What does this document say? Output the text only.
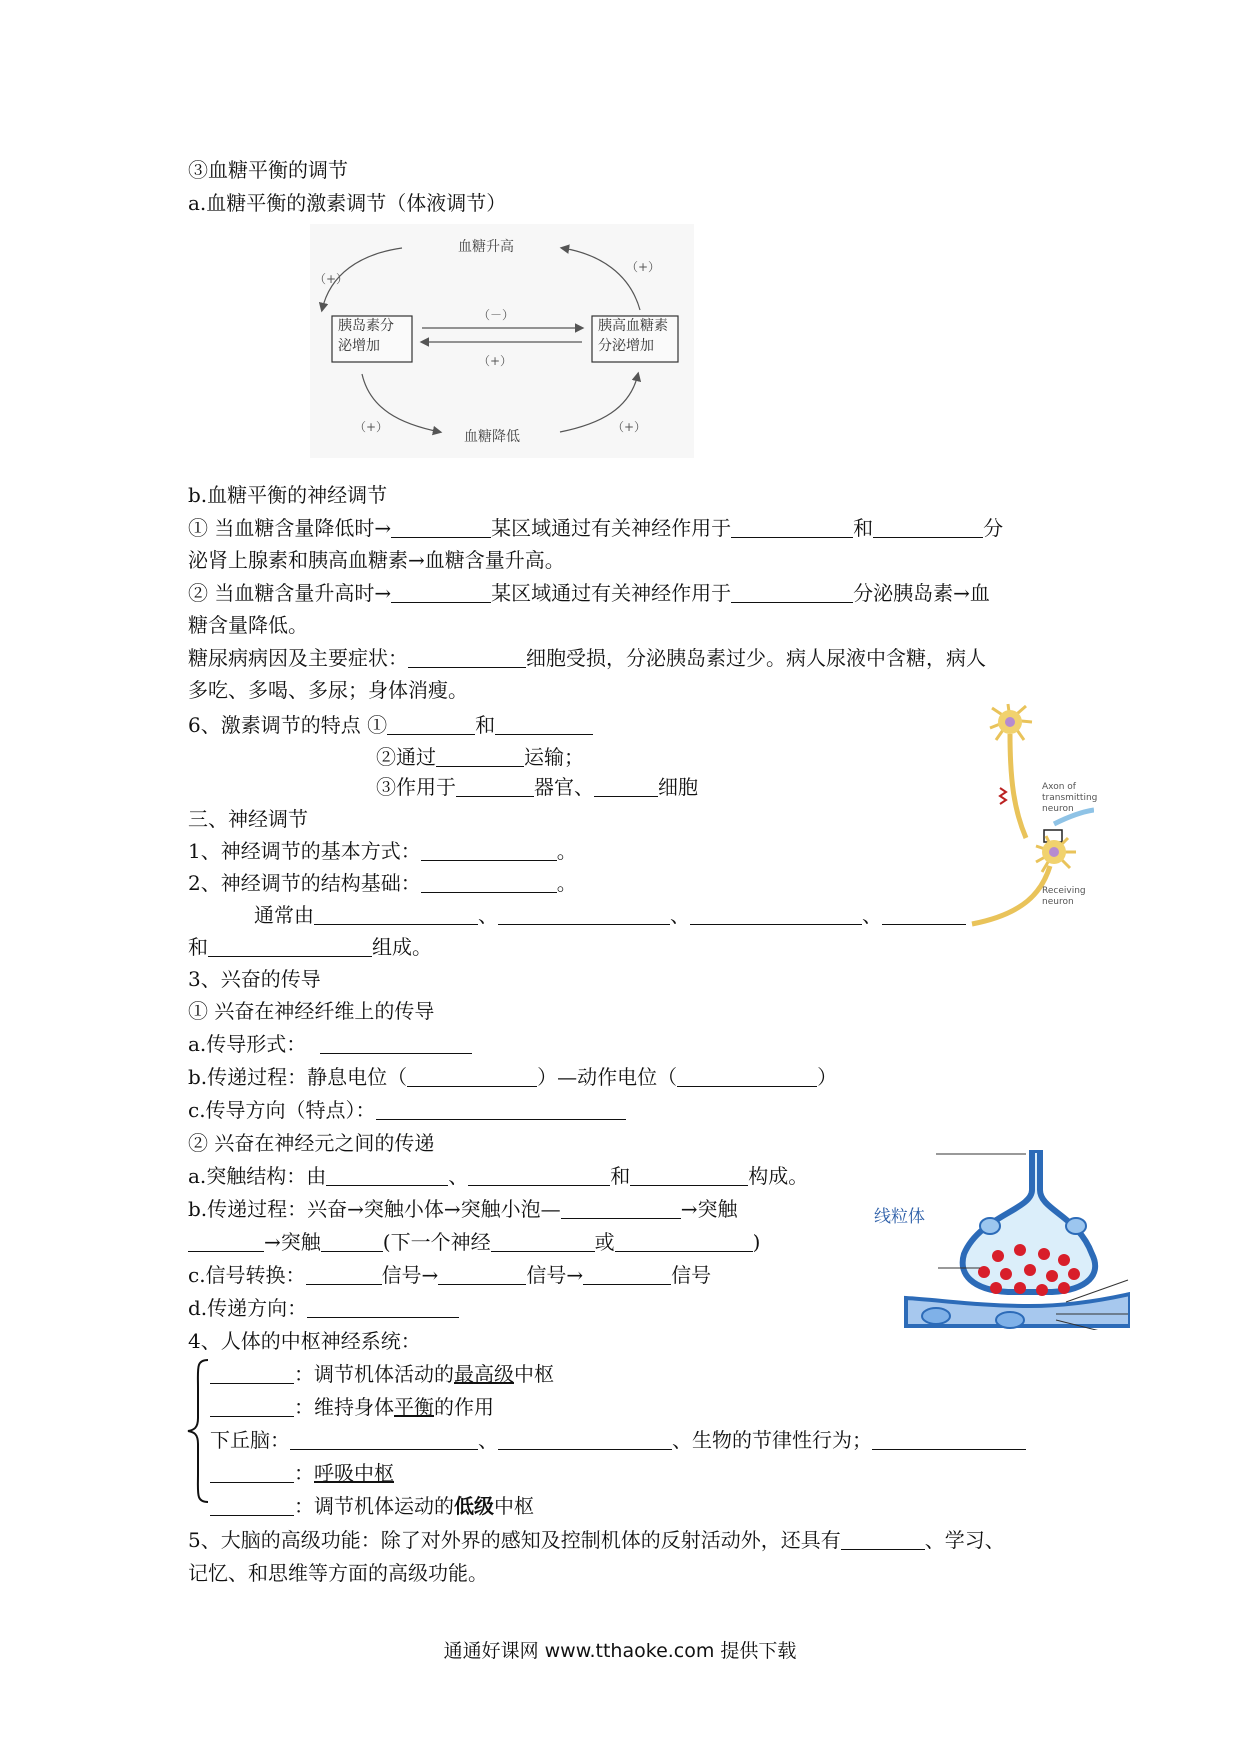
③血糖平衡的调节
a.血糖平衡的激素调节（体液调节）
血糖升高
血糖降低
胰岛素分
泌增加
胰高血糖素
分泌增加
（－）
（+）
（+）
（+）
（+）	（+）
b.血糖平衡的神经调节
① 当血糖含量降低时→	某区域通过有关神经作用于	和	分
泌肾上腺素和胰高血糖素→血糖含量升高。
② 当血糖含量升高时→	某区域通过有关神经作用于	分泌胰岛素→血
糖含量降低。
糖尿病病因及主要症状：	细胞受损，分泌胰岛素过少。病人尿液中含糖，病人
多吃、多喝、多尿；身体消瘦。
6、激素调节的特点 ①	和
②通过	运输；
③作用于	器官、	细胞	Axon of
transmitting
neuron
Receiving
neuron
三、神经调节
1、神经调节的基本方式：	。
2、神经调节的结构基础：	。
通常由	、	、	、
和	组成。
3、兴奋的传导
① 兴奋在神经纤维上的传导
a.传导形式：
b.传递过程：静息电位（	）—动作电位（	）
c.传导方向（特点）：
② 兴奋在神经元之间的传递
a.突触结构：由	、	和	构成。
b.传递过程：兴奋→突触小体→突触小泡—	→突触
→突触	(下一个神经	或	)
c.信号转换：	信号→	信号→	信号
d.传递方向：
线粒体
4、人体的中枢神经系统：
：调节机体活动的最高级中枢
：维持身体平衡的作用
下丘脑：	、	、生物的节律性行为；
：呼吸中枢
：调节机体运动的低级中枢
5、大脑的高级功能：除了对外界的感知及控制机体的反射活动外，还具有	、学习、
记忆、和思维等方面的高级功能。
通通好课网 www.tthaoke.com 提供下载
